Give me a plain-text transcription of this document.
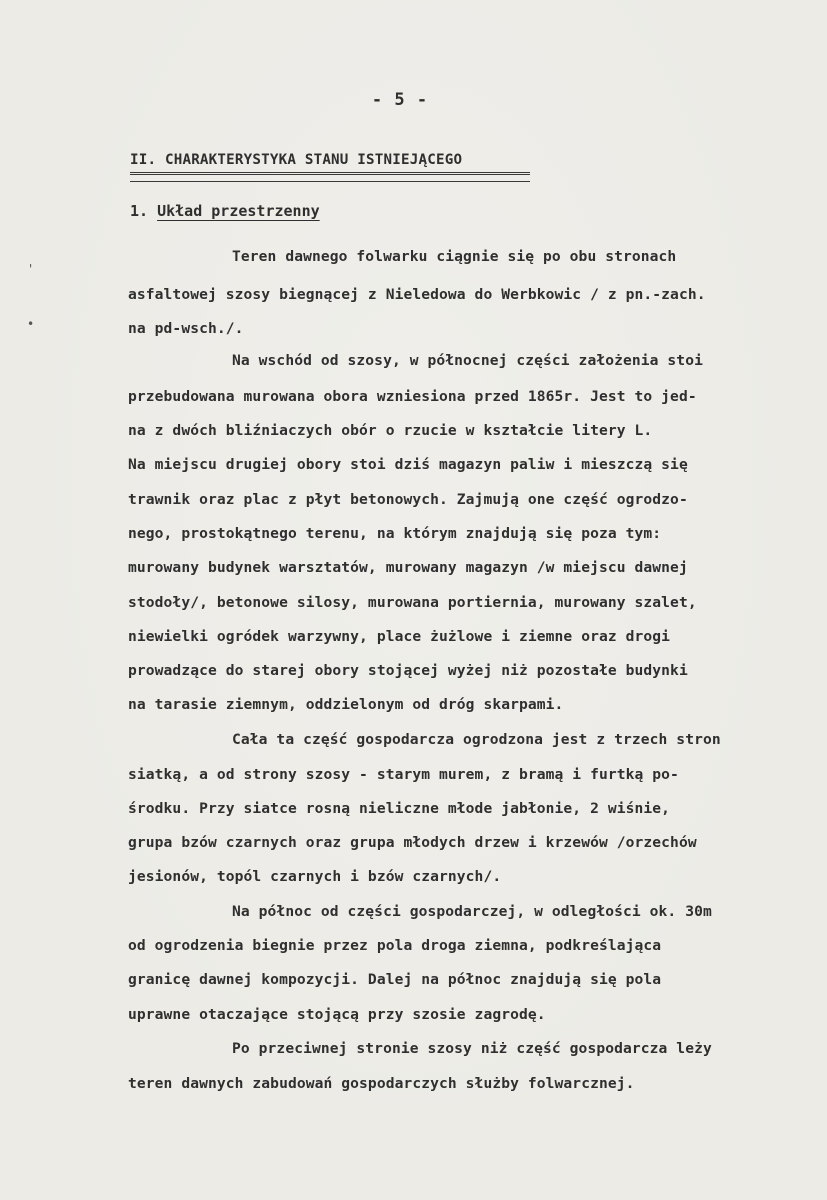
- 5 -
II. CHARAKTERYSTYKA STANU ISTNIEJĄCEGO
1. Układ przestrzenny
'
•
Teren dawnego folwarku ciągnie się po obu stronach
asfaltowej szosy biegnącej z Nieledowa do Werbkowic / z pn.-zach.
na pd-wsch./.
Na wschód od szosy, w północnej części założenia stoi
przebudowana murowana obora wzniesiona przed 1865r. Jest to jed-
na z dwóch bliźniaczych obór o rzucie w kształcie litery L.
Na miejscu drugiej obory stoi dziś magazyn paliw i mieszczą się
trawnik oraz plac z płyt betonowych. Zajmują one część ogrodzo-
nego, prostokątnego terenu, na którym znajdują się poza tym:
murowany budynek warsztatów, murowany magazyn /w miejscu dawnej
stodoły/, betonowe silosy, murowana portiernia, murowany szalet,
niewielki ogródek warzywny, place żużlowe i ziemne oraz drogi
prowadzące do starej obory stojącej wyżej niż pozostałe budynki
na tarasie ziemnym, oddzielonym od dróg skarpami.
Cała ta część gospodarcza ogrodzona jest z trzech stron
siatką, a od strony szosy - starym murem, z bramą i furtką po-
środku. Przy siatce rosną nieliczne młode jabłonie, 2 wiśnie,
grupa bzów czarnych oraz grupa młodych drzew i krzewów /orzechów
jesionów, topól czarnych i bzów czarnych/.
Na północ od części gospodarczej, w odległości ok. 30m
od ogrodzenia biegnie przez pola droga ziemna, podkreślająca
granicę dawnej kompozycji. Dalej na północ znajdują się pola
uprawne otaczające stojącą przy szosie zagrodę.
Po przeciwnej stronie szosy niż część gospodarcza leży
teren dawnych zabudowań gospodarczych służby folwarcznej.
